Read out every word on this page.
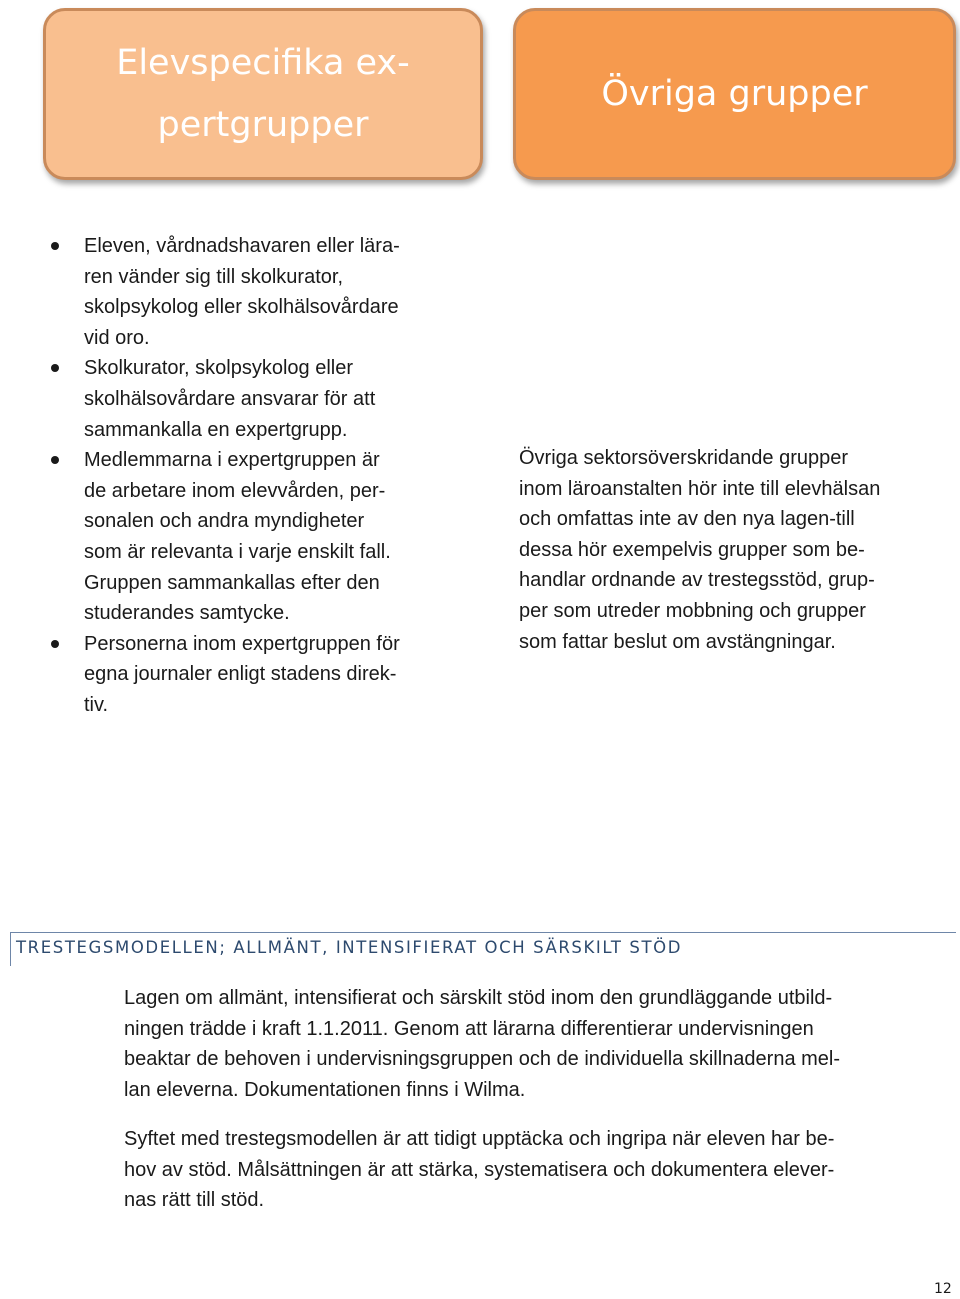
Elevspecifika ex-
pertgrupper
Övriga grupper
Eleven, vårdnadshavaren eller lära-
ren vänder sig till skolkurator,
skolpsykolog eller skolhälsovårdare
vid oro.
Skolkurator, skolpsykolog eller
skolhälsovårdare ansvarar för att
sammankalla en expertgrupp.
Medlemmarna i expertgruppen är
de arbetare inom elevvården, per-
sonalen och andra myndigheter
som är relevanta i varje enskilt fall.
Gruppen sammankallas efter den
studerandes samtycke.
Personerna inom expertgruppen för
egna journaler enligt stadens direk-
tiv.

Övriga sektorsöverskridande grupper
inom läroanstalten hör inte till elevhälsan
och omfattas inte av den nya lagen-till
dessa hör exempelvis grupper som be-
handlar ordnande av trestegsstöd, grup-
per som utreder mobbning och grupper
som fattar beslut om avstängningar.

TRESTEGSMODELLEN; ALLMÄNT, INTENSIFIERAT OCH SÄRSKILT STÖD

Lagen om allmänt, intensifierat och särskilt stöd inom den grundläggande utbild-
ningen trädde i kraft 1.1.2011. Genom att lärarna differentierar undervisningen
beaktar de behoven i undervisningsgruppen och de individuella skillnaderna mel-
lan eleverna. Dokumentationen finns i Wilma.

Syftet med trestegsmodellen är att tidigt upptäcka och ingripa när eleven har be-
hov av stöd. Målsättningen är att stärka, systematisera och dokumentera elever-
nas rätt till stöd.

12
